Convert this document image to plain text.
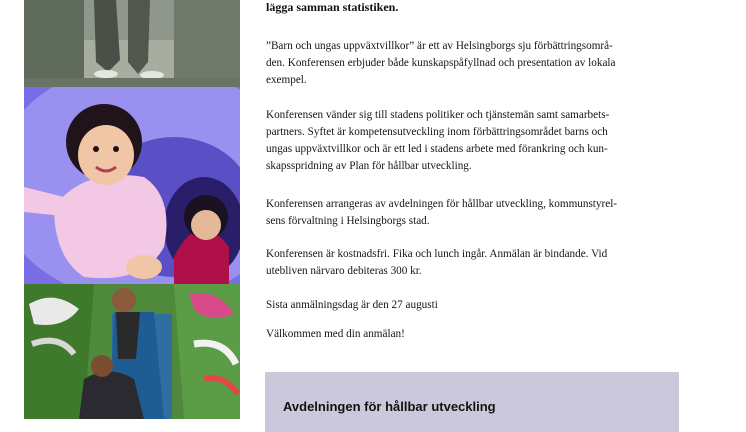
lägga samman statistiken.

”Barn och ungas uppväxtvillkor” är ett av Helsingborgs sju förbättringsområ-
den. Konferensen erbjuder både kunskapspåfyllnad och presentation av lokala
exempel.

Konferensen vänder sig till stadens politiker och tjänstemän samt samarbets-
partners. Syftet är kompetensutveckling inom förbättringsområdet barns och
ungas uppväxtvillkor och är ett led i stadens arbete med förankring och kun-
skapsspridning av Plan för hållbar utveckling.

Konferensen arrangeras av avdelningen för hållbar utveckling, kommunstyrel-
sens förvaltning i Helsingborgs stad.

Konferensen är kostnadsfri. Fika och lunch ingår. Anmälan är bindande. Vid
utebliven närvaro debiteras 300 kr.

Sista anmälningsdag är den 27 augusti

Välkommen med din anmälan!

Avdelningen för hållbar utveckling
